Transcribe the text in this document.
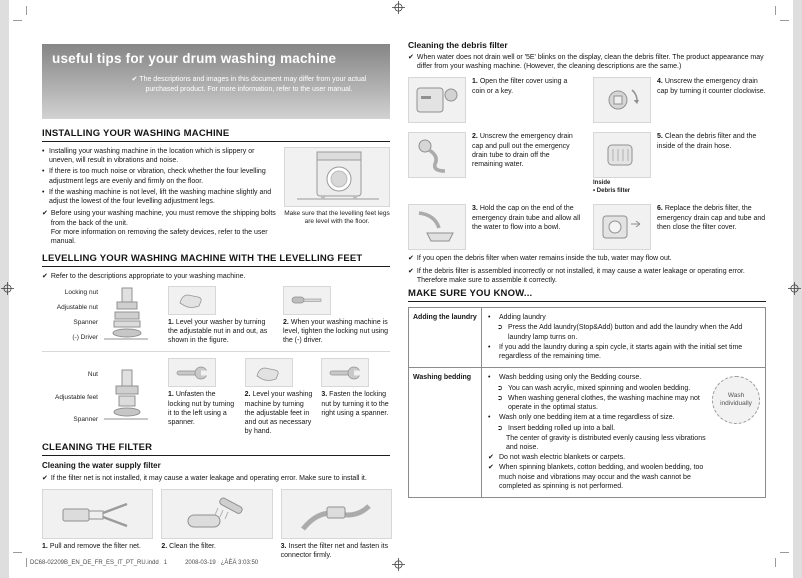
useful tips for your drum washing machine
✔ The descriptions and images in this document may differ from your actual purchased product. For more information, refer to the user manual.
INSTALLING YOUR WASHING MACHINE
• Installing your washing machine in the location which is slippery or uneven, will result in vibrations and noise.
• If there is too much noise or vibration, check whether the four levelling adjustment legs are evenly and firmly on the floor.
• If the washing machine is not level, lift the washing machine slightly and adjust the lowest of the four levelling adjustment legs.
✔ Before using your washing machine, you must remove the shipping bolts from the back of the unit.
For more information on removing the safety devices, refer to the user manual.
Make sure that the levelling feet legs are level with the floor.
LEVELLING YOUR WASHING MACHINE WITH THE LEVELLING FEET
✔ Refer to the descriptions appropriate to your washing machine.
Locking nut
Adjustable nut
Spanner
(-) Driver

1. Level your washer by turning the adjustable nut in and out, as shown in the figure.

2. When your washing machine is level, tighten the locking nut using the (-) driver.

Nut
Adjustable feet
Spanner

1. Unfasten the locking nut by turning it to the left using a spanner.

2. Level your washing machine by turning the adjustable feet in and out as necessary by hand.

3. Fasten the locking nut by turning it to the right using a spanner.

CLEANING THE FILTER
Cleaning the water supply filter
✔ If the filter net is not installed, it may cause a water leakage and operating error. Make sure to install it.

1. Pull and remove the filter net.	2. Clean the filter.	3. Insert the filter net and fasten its connector firmly.

Cleaning the debris filter
✔ When water does not drain well or '5E' blinks on the display, clean the debris filter. The product appearance may differ from your washing machine. (However, the cleaning descriptions are the same.)

1. Open the filter cover using a coin or a key.

4. Unscrew the emergency drain cap by turning it counter clockwise.

2. Unscrew the emergency drain cap and pull out the emergency drain tube to drain off the remaining water.

Inside
• Debris filter

5. Clean the debris filter and the inside of the drain hose.

3. Hold the cap on the end of the emergency drain tube and allow all the water to flow into a bowl.

6. Replace the debris filter, the emergency drain cap and tube and then close the filter cover.

✔ If you open the debris filter when water remains inside the tub, water may flow out.
✔ If the debris filter is assembled incorrectly or not installed, it may cause a water leakage or operating error. Therefore make sure to assemble it correctly.
MAKE SURE YOU KNOW...
Adding the laundry	•	Adding laundry
➲ Press the Add laundry(Stop&Add) button and add the laundry when the Add laundry lamp turns on.
•	If you add the laundry during a spin cycle, it starts again with the initial set time regardless of the remaining time.
Washing bedding	•	Wash bedding using only the Bedding course.
➲ You can wash acrylic, mixed spinning and woolen bedding.
➲ When washing general clothes, the washing machine may not operate in the optimal status.
•	Wash only one bedding item at a time regardless of size.
➲ Insert bedding rolled up into a ball.
The center of gravity is distributed evenly causing less vibrations and noise.
✔ Do not wash electric blankets or carpets.
✔ When spinning blankets, cotton bedding, and woolen bedding, too much noise and vibrations may occur and the wash cannot be completed as spinning is not performed.
Wash
individually
DC68-02209B_EN_DE_FR_ES_IT_PT_RU.indd   1	2008-03-19   ¿ÀÈÄ 3:03:50
